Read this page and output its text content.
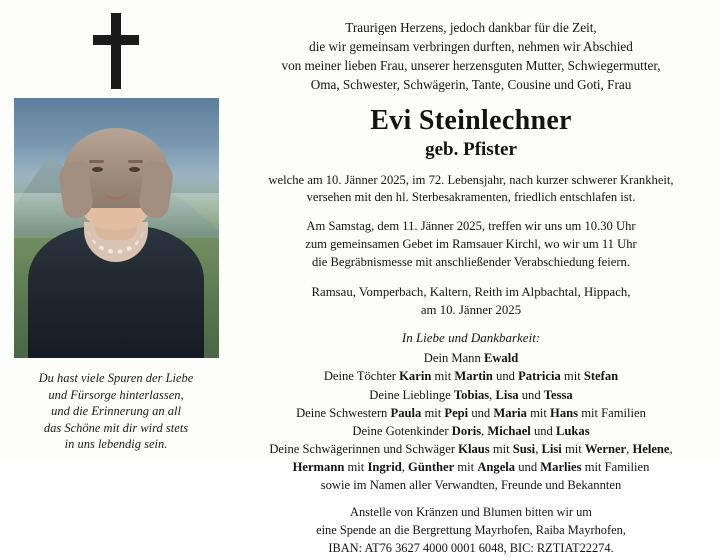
Du hast viele Spuren der Liebe
und Fürsorge hinterlassen,
und die Erinnerung an all
das Schöne mit dir wird stets
in uns lebendig sein.
Traurigen Herzens, jedoch dankbar für die Zeit,
die wir gemeinsam verbringen durften, nehmen wir Abschied
von meiner lieben Frau, unserer herzensguten Mutter, Schwiegermutter,
Oma, Schwester, Schwägerin, Tante, Cousine und Goti, Frau
Evi Steinlechner
geb. Pfister
welche am 10. Jänner 2025, im 72. Lebensjahr, nach kurzer schwerer Krankheit,
versehen mit den hl. Sterbesakramenten, friedlich entschlafen ist.
Am Samstag, dem 11. Jänner 2025, treffen wir uns um 10.30 Uhr
zum gemeinsamen Gebet im Ramsauer Kirchl, wo wir um 11 Uhr
die Begräbnismesse mit anschließender Verabschiedung feiern.
Ramsau, Vomperbach, Kaltern, Reith im Alpbachtal, Hippach,
am 10. Jänner 2025
In Liebe und Dankbarkeit:
Dein Mann Ewald
Deine Töchter Karin mit Martin und Patricia mit Stefan
Deine Lieblinge Tobias, Lisa und Tessa
Deine Schwestern Paula mit Pepi und Maria mit Hans mit Familien
Deine Gotenkinder Doris, Michael und Lukas
Deine Schwägerinnen und Schwäger Klaus mit Susi, Lisi mit Werner, Helene,
Hermann mit Ingrid, Günther mit Angela und Marlies mit Familien
sowie im Namen aller Verwandten, Freunde und Bekannten
Anstelle von Kränzen und Blumen bitten wir um
eine Spende an die Bergrettung Mayrhofen, Raiba Mayrhofen,
IBAN: AT76 3627 4000 0001 6048, BIC: RZTIAT22274.
